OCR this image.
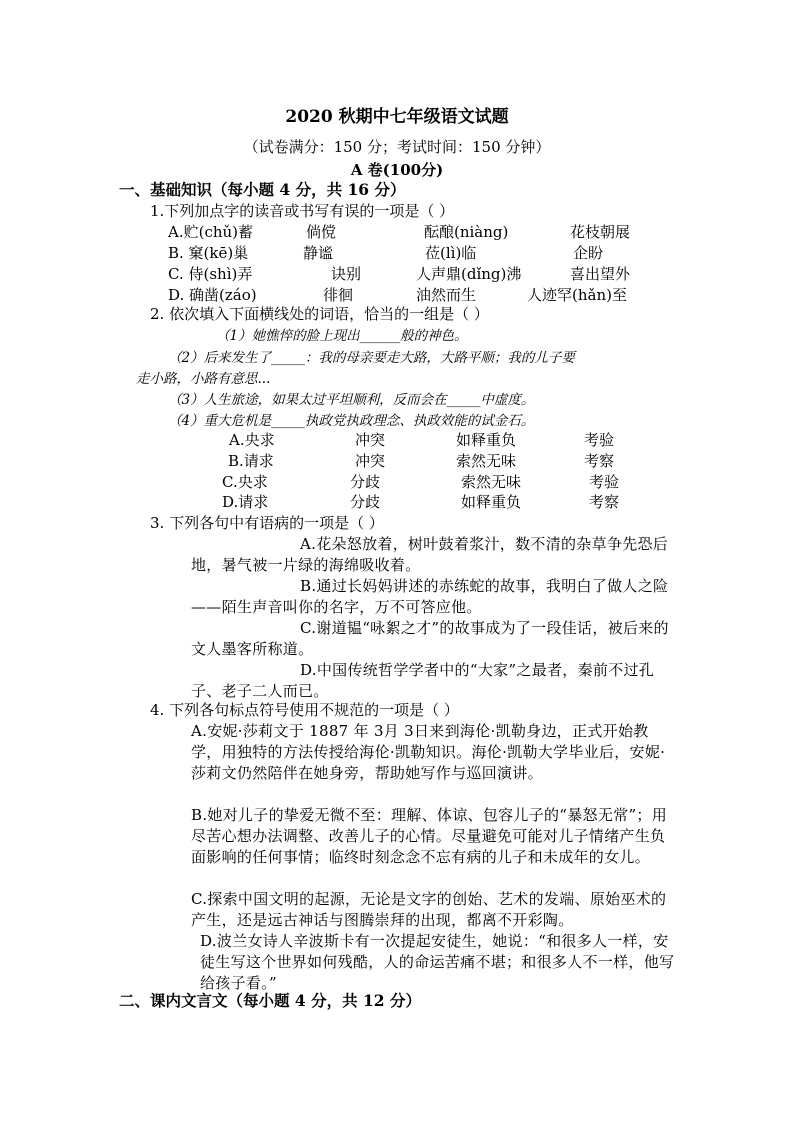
2020 秋期中七年级语文试题
（试卷满分：150 分；考试时间：150 分钟）
A 卷(100分)
一、基础知识（每小题 4 分，共 16 分）
1.下列加点字的读音或书写有误的一项是（ ）
A.贮(chǔ)蓄	倘傥	酝酿(niàng)	花枝朝展
B. 窠(kē)巢	静谧	莅(lì)临	企盼
C. 侍(shì)弄	诀别	人声鼎(dǐng)沸	喜出望外
D. 确凿(záo)	徘徊	油然而生	人迹罕(hǎn)至
2. 依次填入下面横线处的词语，恰当的一组是（ ）
（1）她憔悴的脸上现出______般的神色。
（2）后来发生了_____：我的母亲要走大路，大路平顺；我的儿子要
走小路，小路有意思...
（3）人生旅途，如果太过平坦顺利，反而会在_____中虚度。
（4）重大危机是_____执政党执政理念、执政效能的试金石。
A.央求	冲突	如释重负	考验
B.请求	冲突	索然无味	考察
C.央求	分歧	索然无味	考验
D.请求	分歧	如释重负	考察
3. 下列各句中有语病的一项是（ ）
A.花朵怒放着，树叶鼓着浆汁，数不清的杂草争先恐后地，暑气被一片绿的海绵吸收着。
B.通过长妈妈讲述的赤练蛇的故事，我明白了做人之险——陌生声音叫你的名字，万不可答应他。
C.谢道韫“咏絮之才”的故事成为了一段佳话，被后来的文人墨客所称道。
D.中国传统哲学学者中的“大家”之最者，秦前不过孔子、老子二人而已。
4. 下列各句标点符号使用不规范的一项是（ ）
A.安妮·莎莉文于 1887 年 3月 3日来到海伦·凯勒身边，正式开始教学，用独特的方法传授给海伦·凯勒知识。海伦·凯勒大学毕业后，安妮·莎莉文仍然陪伴在她身旁，帮助她写作与巡回演讲。
B.她对儿子的挚爱无微不至：理解、体谅、包容儿子的“暴怒无常”；用尽苦心想办法调整、改善儿子的心情。尽量避免可能对儿子情绪产生负面影响的任何事情；临终时刻念念不忘有病的儿子和未成年的女儿。
C.探索中国文明的起源，无论是文字的创始、艺术的发端、原始巫术的产生，还是远古神话与图腾崇拜的出现，都离不开彩陶。
D.波兰女诗人辛波斯卡有一次提起安徒生，她说：“和很多人一样，安徒生写这个世界如何残酷，人的命运苦痛不堪；和很多人不一样，他写给孩子看。”
二、课内文言文（每小题 4 分，共 12 分）
